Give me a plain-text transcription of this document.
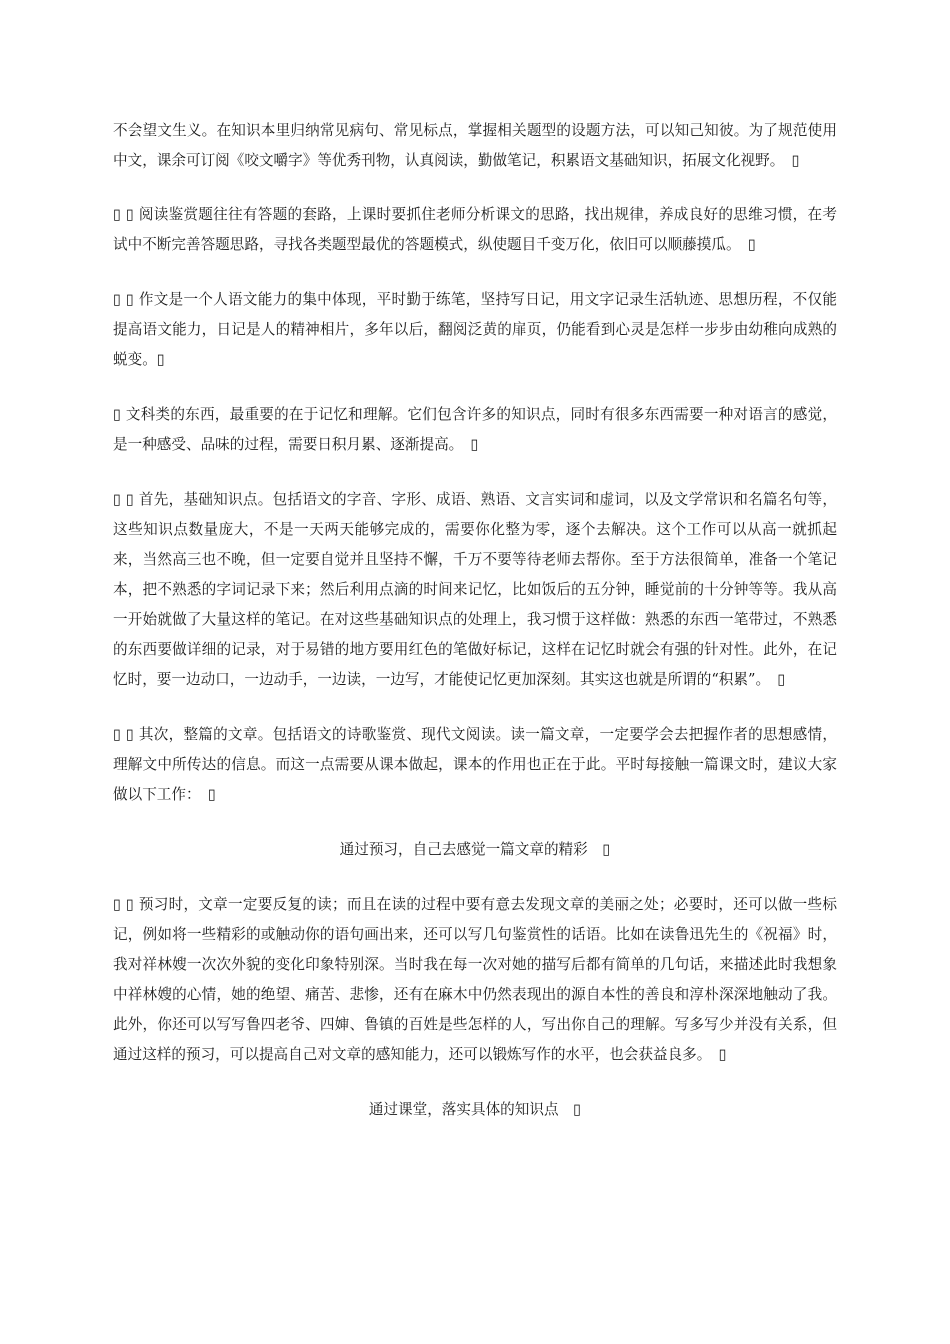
不会望文生义。在知识本里归纳常见病句、常见标点，掌握相关题型的设题方法，可以知己知彼。为了规范使用中文，课余可订阅《咬文嚼字》等优秀刊物，认真阅读，勤做笔记，积累语文基础知识，拓展文化视野。　▯

▯ ▯ 阅读鉴赏题往往有答题的套路，上课时要抓住老师分析课文的思路，找出规律，养成良好的思维习惯，在考试中不断完善答题思路，寻找各类题型最优的答题模式，纵使题目千变万化，依旧可以顺藤摸瓜。　▯

▯ ▯ 作文是一个人语文能力的集中体现，平时勤于练笔，坚持写日记，用文字记录生活轨迹、思想历程，不仅能提高语文能力，日记是人的精神相片，多年以后，翻阅泛黄的扉页，仍能看到心灵是怎样一步步由幼稚向成熟的蜕变。▯

▯ 文科类的东西，最重要的在于记忆和理解。它们包含许多的知识点，同时有很多东西需要一种对语言的感觉，是一种感受、品味的过程，需要日积月累、逐渐提高。　▯

▯ ▯ 首先，基础知识点。包括语文的字音、字形、成语、熟语、文言实词和虚词，以及文学常识和名篇名句等，这些知识点数量庞大，不是一天两天能够完成的，需要你化整为零，逐个去解决。这个工作可以从高一就抓起来，当然高三也不晚，但一定要自觉并且坚持不懈，千万不要等待老师去帮你。至于方法很简单，准备一个笔记本，把不熟悉的字词记录下来；然后利用点滴的时间来记忆，比如饭后的五分钟，睡觉前的十分钟等等。我从高一开始就做了大量这样的笔记。在对这些基础知识点的处理上，我习惯于这样做：熟悉的东西一笔带过，不熟悉的东西要做详细的记录，对于易错的地方要用红色的笔做好标记，这样在记忆时就会有强的针对性。此外，在记忆时，要一边动口，一边动手，一边读，一边写，才能使记忆更加深刻。其实这也就是所谓的“积累”。　▯

▯ ▯ 其次，整篇的文章。包括语文的诗歌鉴赏、现代文阅读。读一篇文章，一定要学会去把握作者的思想感情，理解文中所传达的信息。而这一点需要从课本做起，课本的作用也正在于此。平时每接触一篇课文时，建议大家做以下工作：　▯

通过预习，自己去感觉一篇文章的精彩　▯

▯ ▯ 预习时，文章一定要反复的读；而且在读的过程中要有意去发现文章的美丽之处；必要时，还可以做一些标记，例如将一些精彩的或触动你的语句画出来，还可以写几句鉴赏性的话语。比如在读鲁迅先生的《祝福》时，我对祥林嫂一次次外貌的变化印象特别深。当时我在每一次对她的描写后都有简单的几句话，来描述此时我想象中祥林嫂的心情，她的绝望、痛苦、悲惨，还有在麻木中仍然表现出的源自本性的善良和淳朴深深地触动了我。此外，你还可以写写鲁四老爷、四婶、鲁镇的百姓是些怎样的人，写出你自己的理解。写多写少并没有关系，但通过这样的预习，可以提高自己对文章的感知能力，还可以锻炼写作的水平，也会获益良多。　▯

通过课堂，落实具体的知识点　▯
